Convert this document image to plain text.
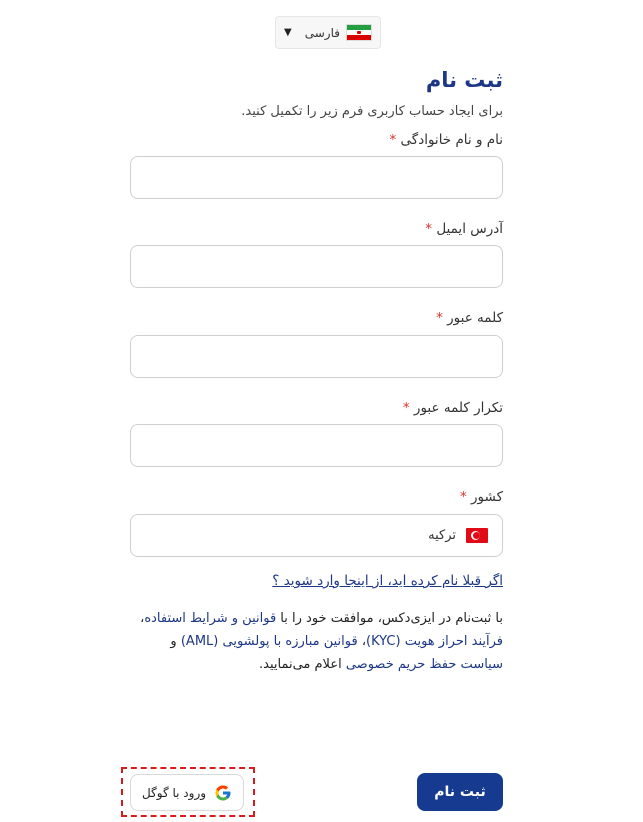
▼ فارسی
ثبت نام
برای ایجاد حساب کاربری فرم زیر را تکمیل کنید.
نام و نام خانوادگی *
آدرس ایمیل *
کلمه عبور *
تکرار کلمه عبور *
کشور *
ترکیه
اگر قبلا نام کرده اید، از اینجا وارد شوید ؟
با ثبت‌نام در ایزی‌دکس، موافقت خود را با قوانین و شرایط استفاده، فرآیند احراز هویت (KYC)، قوانین مبارزه با پولشویی (AML) و سیاست حفظ حریم خصوصی اعلام می‌نمایید.
ثبت نام
ورود با گوگل
